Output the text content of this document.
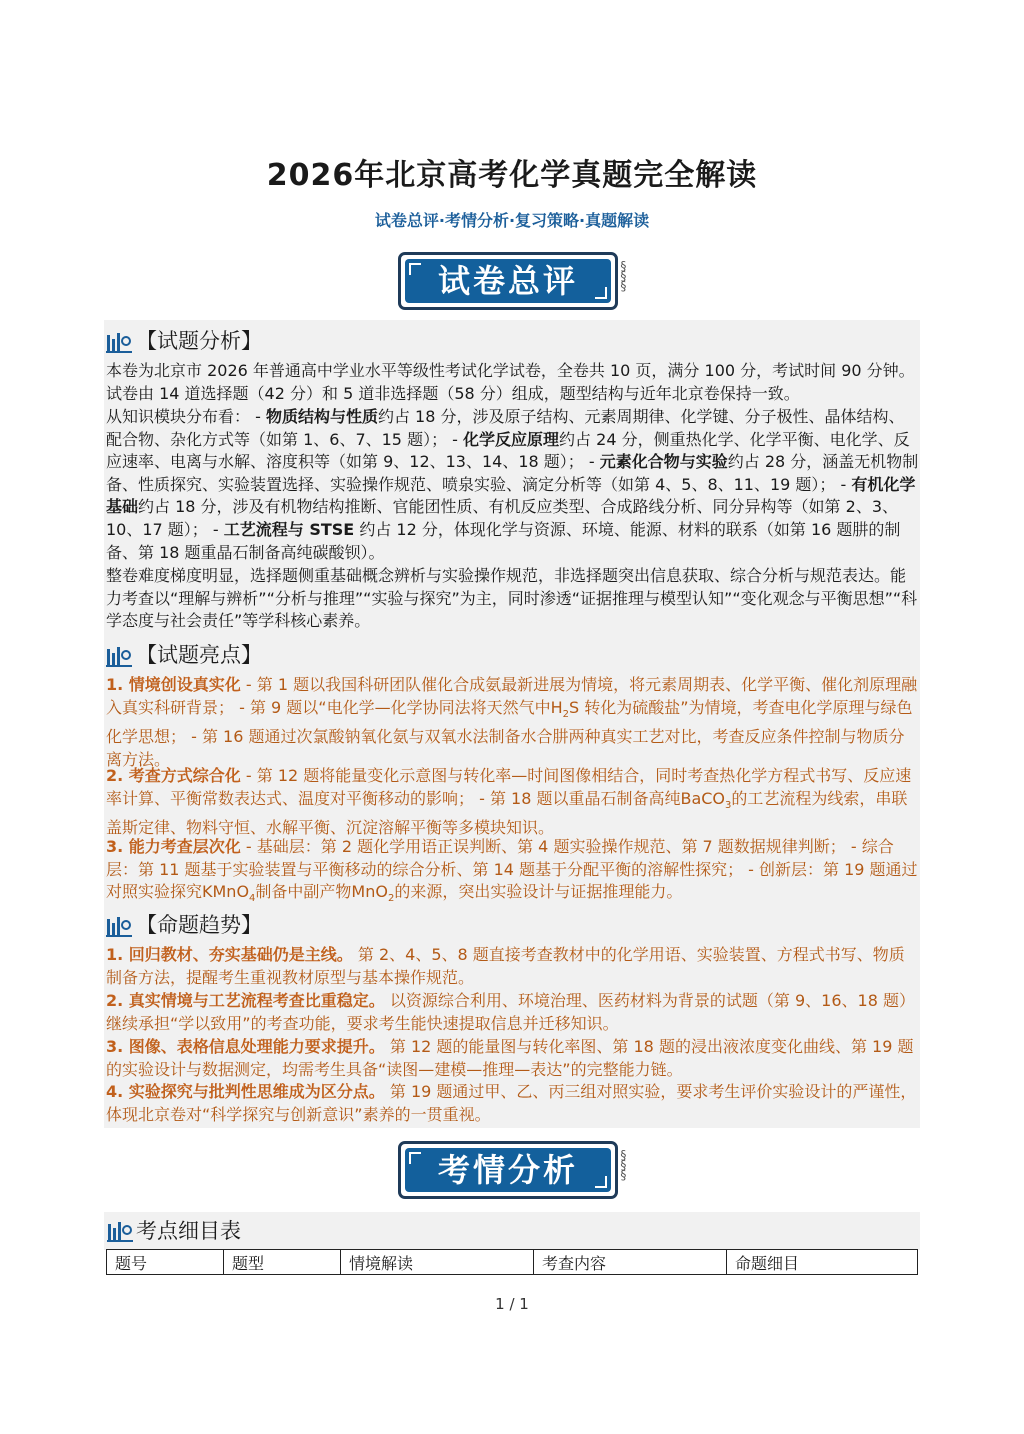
2026年北京高考化学真题完全解读
试卷总评·考情分析·复习策略·真题解读
试卷总评	§
§
§
【试题分析】
本卷为北京市 2026 年普通高中学业水平等级性考试化学试卷，全卷共 10 页，满分 100 分，考试时间 90 分钟。试卷由 14 道选择题（42 分）和 5 道非选择题（58 分）组成，题型结构与近年北京卷保持一致。
从知识模块分布看： - 物质结构与性质约占 18 分，涉及原子结构、元素周期律、化学键、分子极性、晶体结构、配合物、杂化方式等（如第 1、6、7、15 题）； - 化学反应原理约占 24 分，侧重热化学、化学平衡、电化学、反应速率、电离与水解、溶度积等（如第 9、12、13、14、18 题）； - 元素化合物与实验约占 28 分，涵盖无机物制备、性质探究、实验装置选择、实验操作规范、喷泉实验、滴定分析等（如第 4、5、8、11、19 题）； - 有机化学基础约占 18 分，涉及有机物结构推断、官能团性质、有机反应类型、合成路线分析、同分异构等（如第 2、3、10、17 题）； - 工艺流程与 STSE 约占 12 分，体现化学与资源、环境、能源、材料的联系（如第 16 题肼的制备、第 18 题重晶石制备高纯碳酸钡）。
整卷难度梯度明显，选择题侧重基础概念辨析与实验操作规范，非选择题突出信息获取、综合分析与规范表达。能力考查以“理解与辨析”“分析与推理”“实验与探究”为主，同时渗透“证据推理与模型认知”“变化观念与平衡思想”“科学态度与社会责任”等学科核心素养。
【试题亮点】
1. 情境创设真实化 - 第 1 题以我国科研团队催化合成氨最新进展为情境，将元素周期表、化学平衡、催化剂原理融入真实科研背景； - 第 9 题以“电化学—化学协同法将天然气中$H_2S$ 转化为硫酸盐”为情境，考查电化学原理与绿色化学思想； - 第 16 题通过次氯酸钠氧化氨与双氧水法制备水合肼两种真实工艺对比，考查反应条件控制与物质分离方法。
2. 考查方式综合化 - 第 12 题将能量变化示意图与转化率—时间图像相结合，同时考查热化学方程式书写、反应速率计算、平衡常数表达式、温度对平衡移动的影响； - 第 18 题以重晶石制备高纯BaCO$_3$的工艺流程为线索，串联盖斯定律、物料守恒、水解平衡、沉淀溶解平衡等多模块知识。
3. 能力考查层次化 - 基础层：第 2 题化学用语正误判断、第 4 题实验操作规范、第 7 题数据规律判断； - 综合层：第 11 题基于实验装置与平衡移动的综合分析、第 14 题基于分配平衡的溶解性探究； - 创新层：第 19 题通过对照实验探究KMnO$_4$制备中副产物MnO$_2$的来源，突出实验设计与证据推理能力。
【命题趋势】
1. 回归教材、夯实基础仍是主线。 第 2、4、5、8 题直接考查教材中的化学用语、实验装置、方程式书写、物质制备方法，提醒考生重视教材原型与基本操作规范。
2. 真实情境与工艺流程考查比重稳定。 以资源综合利用、环境治理、医药材料为背景的试题（第 9、16、18 题）继续承担“学以致用”的考查功能，要求考生能快速提取信息并迁移知识。
3. 图像、表格信息处理能力要求提升。 第 12 题的能量图与转化率图、第 18 题的浸出液浓度变化曲线、第 19 题的实验设计与数据测定，均需考生具备“读图—建模—推理—表达”的完整能力链。
4. 实验探究与批判性思维成为区分点。 第 19 题通过甲、乙、丙三组对照实验，要求考生评价实验设计的严谨性，体现北京卷对“科学探究与创新意识”素养的一贯重视。
考情分析	§
§
§
考点细目表
题号	题型	情境解读	考查内容	命题细目
1 / 1
